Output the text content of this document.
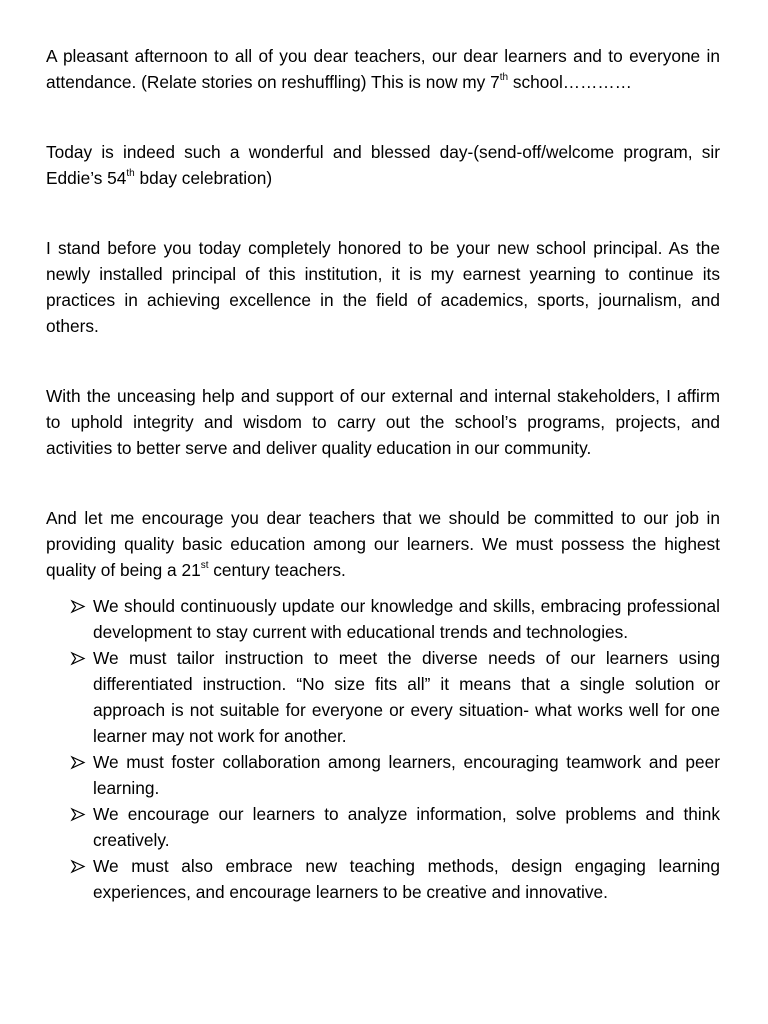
A pleasant afternoon to all of you dear teachers, our dear learners and to everyone in attendance. (Relate stories on reshuffling) This is now my 7th school…………

Today is indeed such a wonderful and blessed day-(send-off/welcome program, sir Eddie’s 54th bday celebration)

I stand before you today completely honored to be your new school principal. As the newly installed principal of this institution, it is my earnest yearning to continue its practices in achieving excellence in the field of academics, sports, journalism, and others.

With the unceasing help and support of our external and internal stakeholders, I affirm to uphold integrity and wisdom to carry out the school’s programs, projects, and activities to better serve and deliver quality education in our community.

And let me encourage you dear teachers that we should be committed to our job in providing quality basic education among our learners. We must possess the highest quality of being a 21st century teachers.

We should continuously update our knowledge and skills, embracing professional development to stay current with educational trends and technologies.
We must tailor instruction to meet the diverse needs of our learners using differentiated instruction. “No size fits all” it means that a single solution or approach is not suitable for everyone or every situation- what works well for one learner may not work for another.
We must foster collaboration among learners, encouraging teamwork and peer learning.
We encourage our learners to analyze information, solve problems and think creatively.
We must also embrace new teaching methods, design engaging learning experiences, and encourage learners to be creative and innovative.
